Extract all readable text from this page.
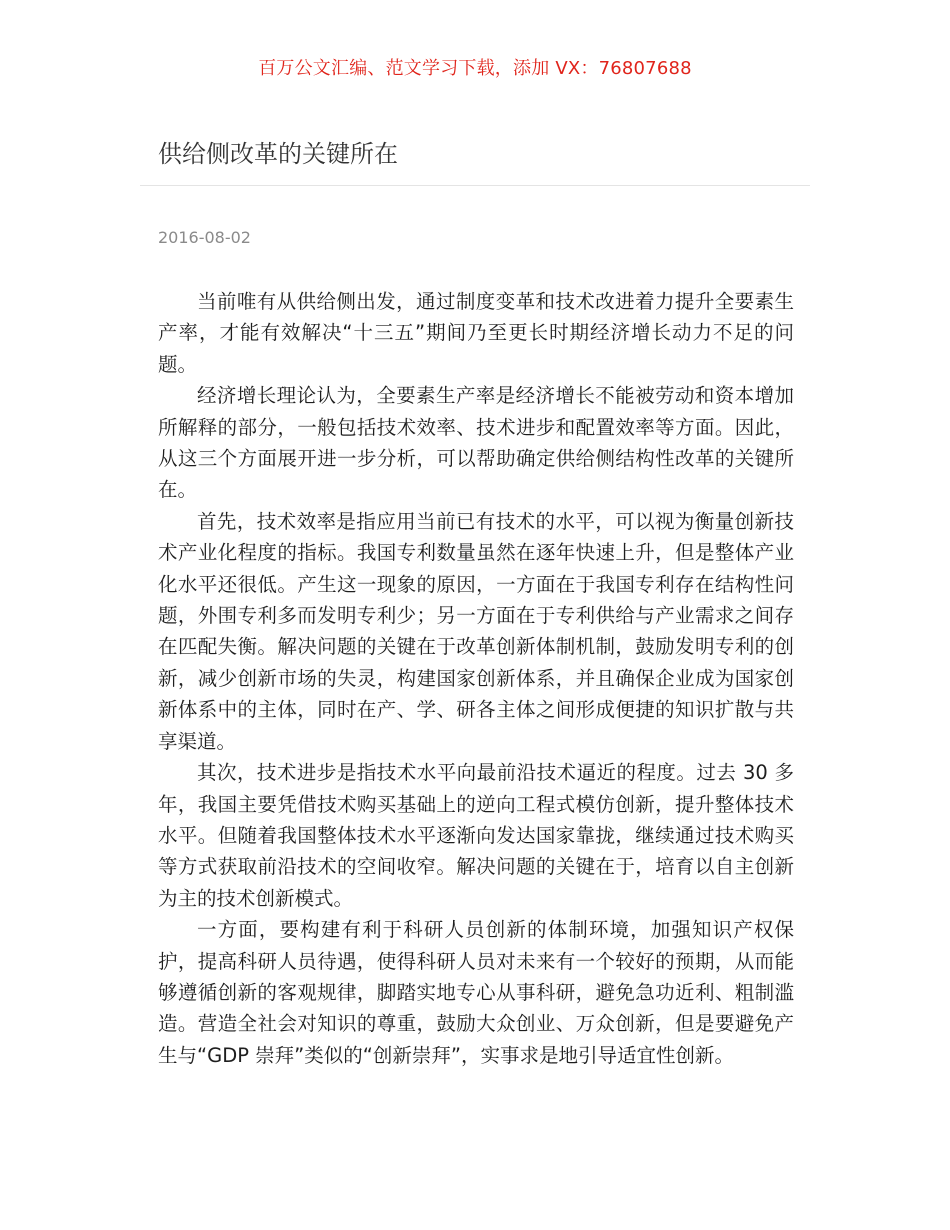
百万公文汇编、范文学习下载，添加 VX：76807688
供给侧改革的关键所在
2016-08-02

当前唯有从供给侧出发，通过制度变革和技术改进着力提升全要素生产率，才能有效解决“十三五”期间乃至更长时期经济增长动力不足的问题。

经济增长理论认为，全要素生产率是经济增长不能被劳动和资本增加所解释的部分，一般包括技术效率、技术进步和配置效率等方面。因此，从这三个方面展开进一步分析，可以帮助确定供给侧结构性改革的关键所在。

首先，技术效率是指应用当前已有技术的水平，可以视为衡量创新技术产业化程度的指标。我国专利数量虽然在逐年快速上升，但是整体产业化水平还很低。产生这一现象的原因，一方面在于我国专利存在结构性问题，外围专利多而发明专利少；另一方面在于专利供给与产业需求之间存在匹配失衡。解决问题的关键在于改革创新体制机制，鼓励发明专利的创新，减少创新市场的失灵，构建国家创新体系，并且确保企业成为国家创新体系中的主体，同时在产、学、研各主体之间形成便捷的知识扩散与共享渠道。

其次，技术进步是指技术水平向最前沿技术逼近的程度。过去 30 多年，我国主要凭借技术购买基础上的逆向工程式模仿创新，提升整体技术水平。但随着我国整体技术水平逐渐向发达国家靠拢，继续通过技术购买等方式获取前沿技术的空间收窄。解决问题的关键在于，培育以自主创新为主的技术创新模式。

一方面，要构建有利于科研人员创新的体制环境，加强知识产权保护，提高科研人员待遇，使得科研人员对未来有一个较好的预期，从而能够遵循创新的客观规律，脚踏实地专心从事科研，避免急功近利、粗制滥造。营造全社会对知识的尊重，鼓励大众创业、万众创新，但是要避免产生与“GDP 崇拜”类似的“创新崇拜”，实事求是地引导适宜性创新。
